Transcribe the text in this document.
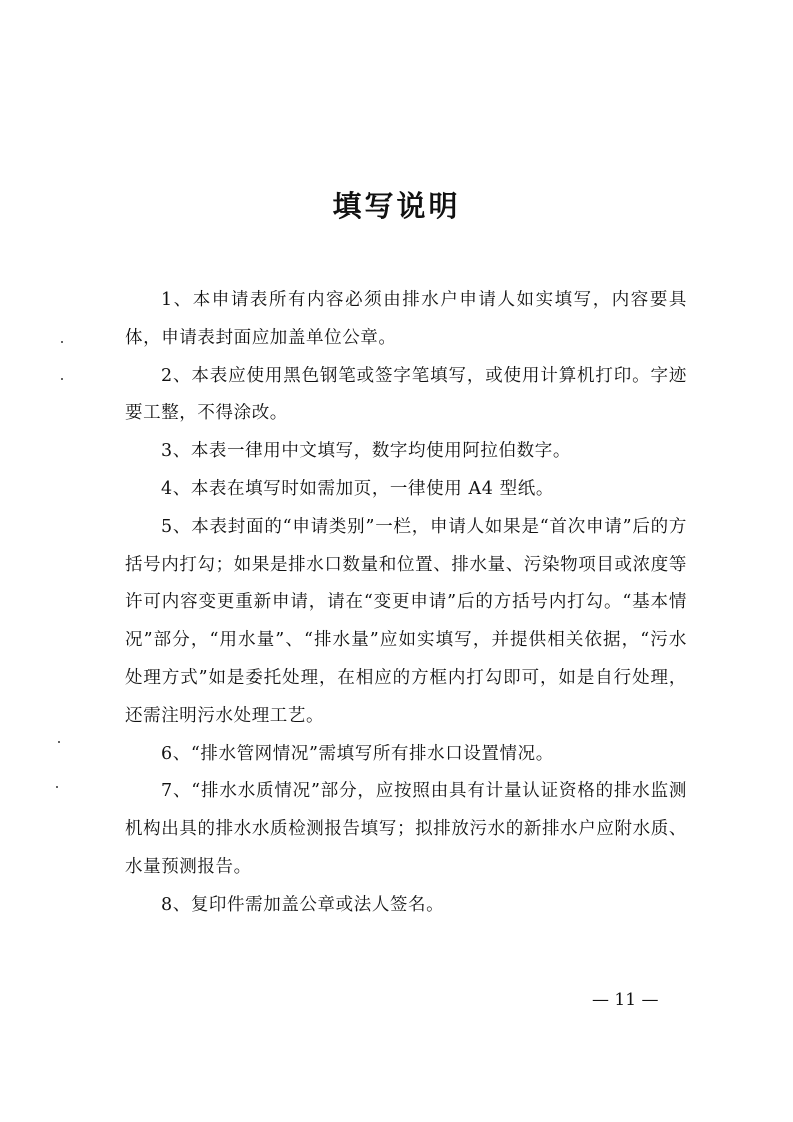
填写说明

1、本申请表所有内容必须由排水户申请人如实填写，内容要具体，申请表封面应加盖单位公章。

2、本表应使用黑色钢笔或签字笔填写，或使用计算机打印。字迹要工整，不得涂改。

3、本表一律用中文填写，数字均使用阿拉伯数字。

4、本表在填写时如需加页，一律使用 A4 型纸。

5、本表封面的“申请类别”一栏，申请人如果是“首次申请”后的方括号内打勾；如果是排水口数量和位置、排水量、污染物项目或浓度等许可内容变更重新申请，请在“变更申请”后的方括号内打勾。“基本情况”部分，“用水量”、“排水量”应如实填写，并提供相关依据，“污水处理方式”如是委托处理，在相应的方框内打勾即可，如是自行处理，还需注明污水处理工艺。

6、“排水管网情况”需填写所有排水口设置情况。

7、“排水水质情况”部分，应按照由具有计量认证资格的排水监测机构出具的排水水质检测报告填写；拟排放污水的新排水户应附水质、水量预测报告。

8、复印件需加盖公章或法人签名。

— 11 —
